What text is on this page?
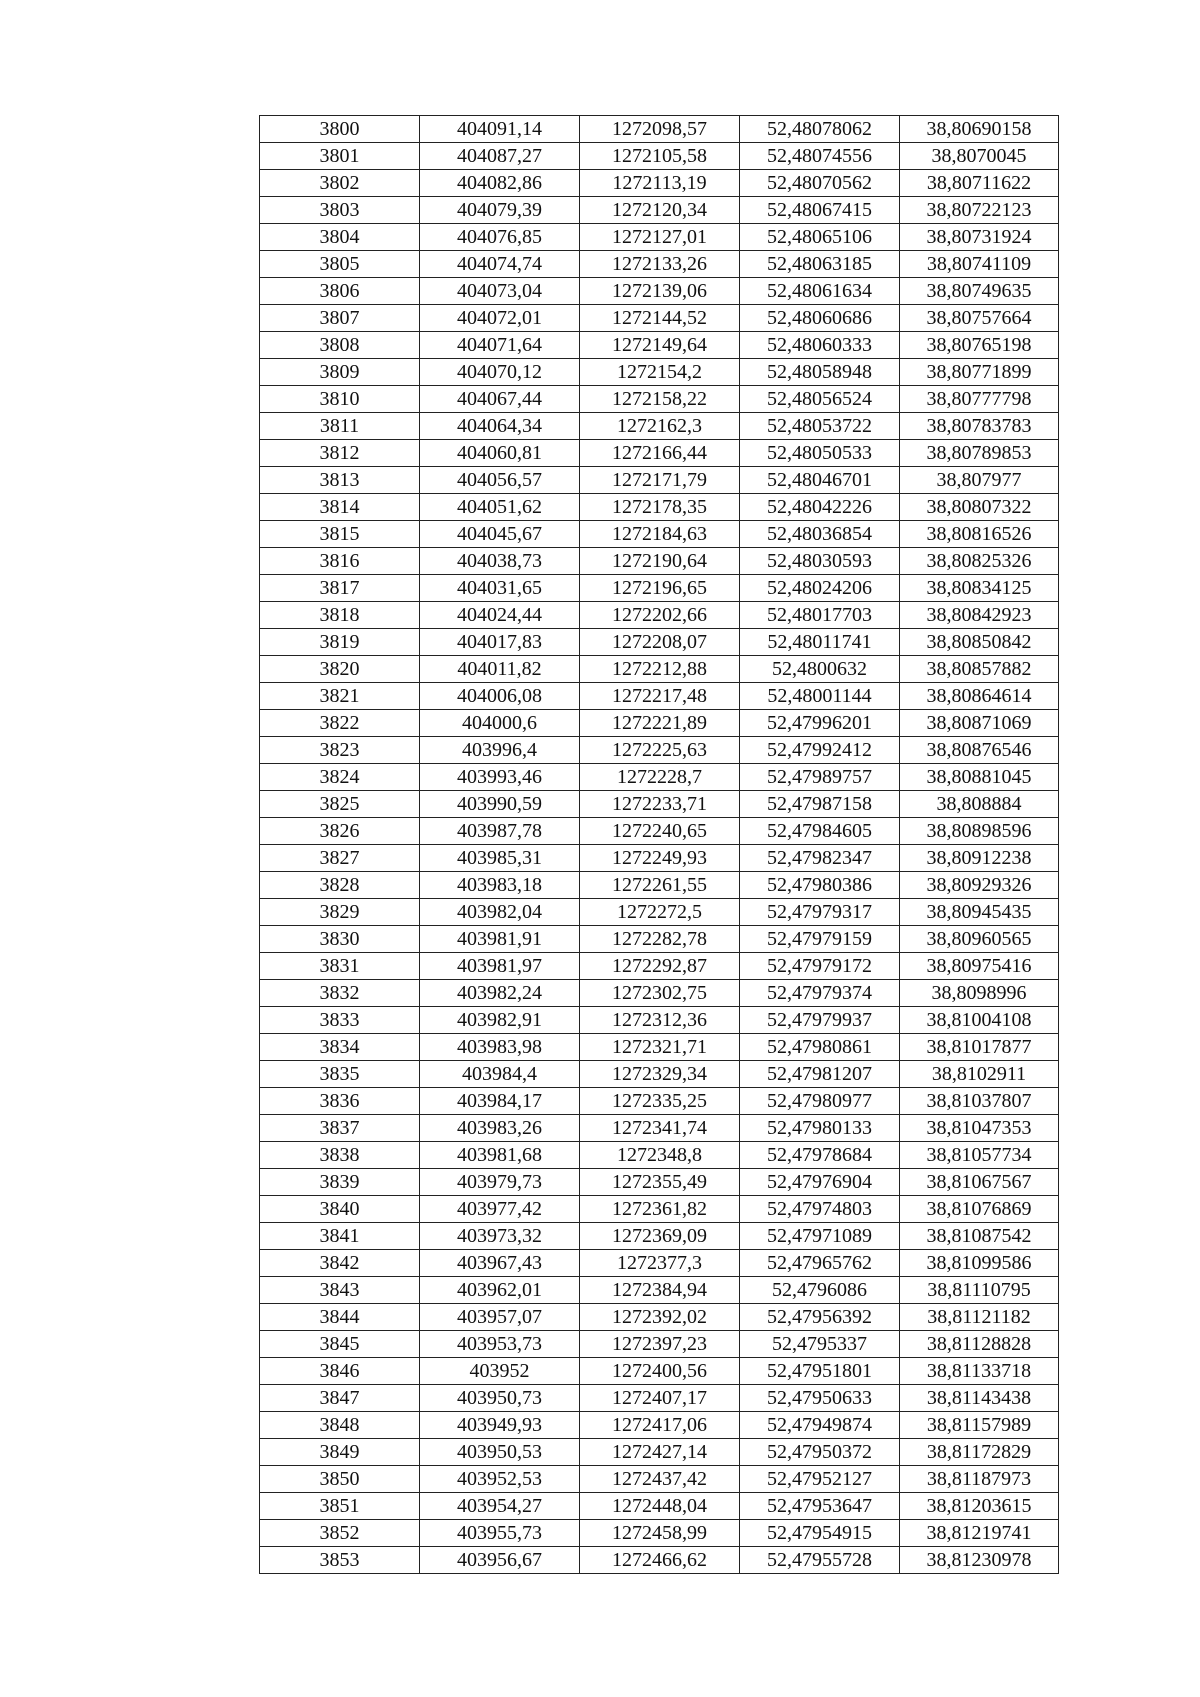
3800	404091,14	1272098,57	52,48078062	38,80690158
3801	404087,27	1272105,58	52,48074556	38,8070045
3802	404082,86	1272113,19	52,48070562	38,80711622
3803	404079,39	1272120,34	52,48067415	38,80722123
3804	404076,85	1272127,01	52,48065106	38,80731924
3805	404074,74	1272133,26	52,48063185	38,80741109
3806	404073,04	1272139,06	52,48061634	38,80749635
3807	404072,01	1272144,52	52,48060686	38,80757664
3808	404071,64	1272149,64	52,48060333	38,80765198
3809	404070,12	1272154,2	52,48058948	38,80771899
3810	404067,44	1272158,22	52,48056524	38,80777798
3811	404064,34	1272162,3	52,48053722	38,80783783
3812	404060,81	1272166,44	52,48050533	38,80789853
3813	404056,57	1272171,79	52,48046701	38,807977
3814	404051,62	1272178,35	52,48042226	38,80807322
3815	404045,67	1272184,63	52,48036854	38,80816526
3816	404038,73	1272190,64	52,48030593	38,80825326
3817	404031,65	1272196,65	52,48024206	38,80834125
3818	404024,44	1272202,66	52,48017703	38,80842923
3819	404017,83	1272208,07	52,48011741	38,80850842
3820	404011,82	1272212,88	52,4800632	38,80857882
3821	404006,08	1272217,48	52,48001144	38,80864614
3822	404000,6	1272221,89	52,47996201	38,80871069
3823	403996,4	1272225,63	52,47992412	38,80876546
3824	403993,46	1272228,7	52,47989757	38,80881045
3825	403990,59	1272233,71	52,47987158	38,808884
3826	403987,78	1272240,65	52,47984605	38,80898596
3827	403985,31	1272249,93	52,47982347	38,80912238
3828	403983,18	1272261,55	52,47980386	38,80929326
3829	403982,04	1272272,5	52,47979317	38,80945435
3830	403981,91	1272282,78	52,47979159	38,80960565
3831	403981,97	1272292,87	52,47979172	38,80975416
3832	403982,24	1272302,75	52,47979374	38,8098996
3833	403982,91	1272312,36	52,47979937	38,81004108
3834	403983,98	1272321,71	52,47980861	38,81017877
3835	403984,4	1272329,34	52,47981207	38,8102911
3836	403984,17	1272335,25	52,47980977	38,81037807
3837	403983,26	1272341,74	52,47980133	38,81047353
3838	403981,68	1272348,8	52,47978684	38,81057734
3839	403979,73	1272355,49	52,47976904	38,81067567
3840	403977,42	1272361,82	52,47974803	38,81076869
3841	403973,32	1272369,09	52,47971089	38,81087542
3842	403967,43	1272377,3	52,47965762	38,81099586
3843	403962,01	1272384,94	52,4796086	38,81110795
3844	403957,07	1272392,02	52,47956392	38,81121182
3845	403953,73	1272397,23	52,4795337	38,81128828
3846	403952	1272400,56	52,47951801	38,81133718
3847	403950,73	1272407,17	52,47950633	38,81143438
3848	403949,93	1272417,06	52,47949874	38,81157989
3849	403950,53	1272427,14	52,47950372	38,81172829
3850	403952,53	1272437,42	52,47952127	38,81187973
3851	403954,27	1272448,04	52,47953647	38,81203615
3852	403955,73	1272458,99	52,47954915	38,81219741
3853	403956,67	1272466,62	52,47955728	38,81230978
